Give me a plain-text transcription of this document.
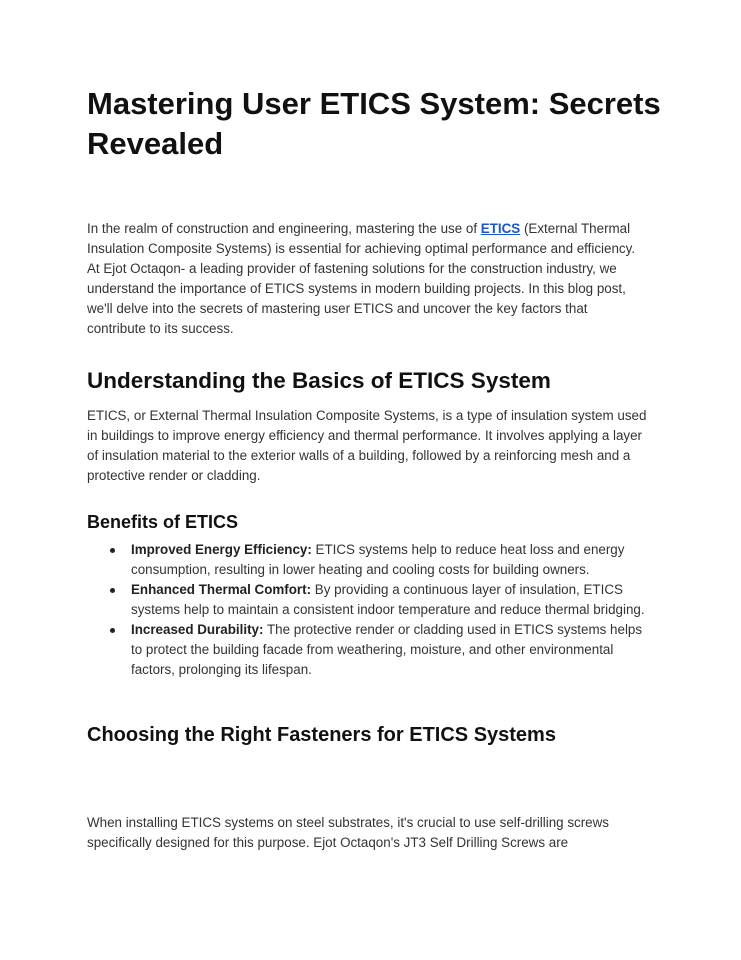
Mastering User ETICS System: Secrets Revealed

In the realm of construction and engineering, mastering the use of ETICS (External Thermal Insulation Composite Systems) is essential for achieving optimal performance and efficiency. At Ejot Octaqon- a leading provider of fastening solutions for the construction industry, we understand the importance of ETICS systems in modern building projects. In this blog post, we'll delve into the secrets of mastering user ETICS and uncover the key factors that contribute to its success.

Understanding the Basics of ETICS System

ETICS, or External Thermal Insulation Composite Systems, is a type of insulation system used in buildings to improve energy efficiency and thermal performance. It involves applying a layer of insulation material to the exterior walls of a building, followed by a reinforcing mesh and a protective render or cladding.

Benefits of ETICS
Improved Energy Efficiency: ETICS systems help to reduce heat loss and energy consumption, resulting in lower heating and cooling costs for building owners.
Enhanced Thermal Comfort: By providing a continuous layer of insulation, ETICS systems help to maintain a consistent indoor temperature and reduce thermal bridging.
Increased Durability: The protective render or cladding used in ETICS systems helps to protect the building facade from weathering, moisture, and other environmental factors, prolonging its lifespan.
Choosing the Right Fasteners for ETICS Systems

When installing ETICS systems on steel substrates, it's crucial to use self-drilling screws specifically designed for this purpose. Ejot Octaqon's JT3 Self Drilling Screws are
